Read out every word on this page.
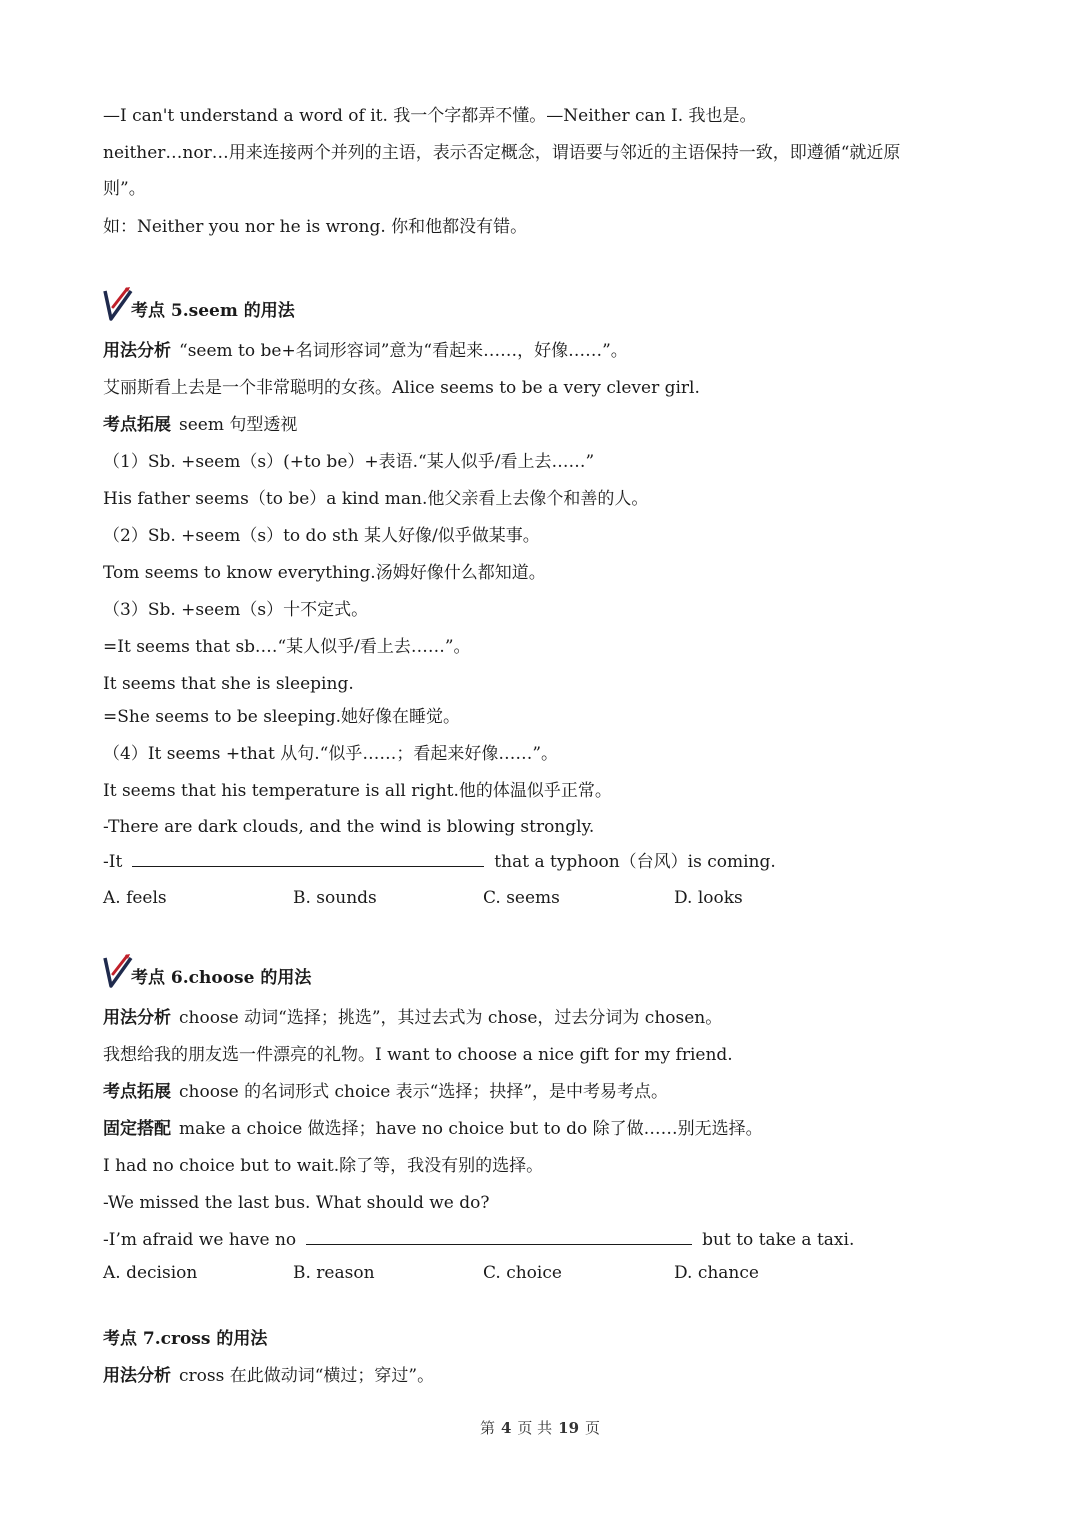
—I can't understand a word of it. 我一个字都弄不懂。—Neither can I. 我也是。
neither…nor…用来连接两个并列的主语，表示否定概念，谓语要与邻近的主语保持一致，即遵循“就近原
则”。
如：Neither you nor he is wrong. 你和他都没有错。
考点 5.seem 的用法
用法分析 “seem to be+名词形容词”意为“看起来……，好像……”。
艾丽斯看上去是一个非常聪明的女孩。Alice seems to be a very clever girl.
考点拓展 seem 句型透视
（1）Sb. +seem（s）(+to be）+表语.“某人似乎/看上去……”
His father seems（to be）a kind man.他父亲看上去像个和善的人。
（2）Sb. +seem（s）to do sth 某人好像/似乎做某事。
Tom seems to know everything.汤姆好像什么都知道。
（3）Sb. +seem（s）十不定式。
=It seems that sb.…“某人似乎/看上去……”。
It seems that she is sleeping.
=She seems to be sleeping.她好像在睡觉。
（4）It seems +that 从句.“似乎……；看起来好像……”。
It seems that his temperature is all right.他的体温似乎正常。
-There are dark clouds, and the wind is blowing strongly.
-It	that a typhoon（台风）is coming.
A. feels	B. sounds	C. seems	D. looks
考点 6.choose 的用法
用法分析 choose 动词“选择；挑选”，其过去式为 chose，过去分词为 chosen。
我想给我的朋友选一件漂亮的礼物。I want to choose a nice gift for my friend.
考点拓展 choose 的名词形式 choice 表示“选择；抉择”，是中考易考点。
固定搭配 make a choice 做选择；have no choice but to do 除了做……别无选择。
I had no choice but to wait.除了等，我没有别的选择。
-We missed the last bus. What should we do?
-I’m afraid we have no	but to take a taxi.
A. decision	B. reason	C. choice	D. chance
考点 7.cross 的用法
用法分析 cross 在此做动词“横过；穿过”。
第 4 页 共 19 页
